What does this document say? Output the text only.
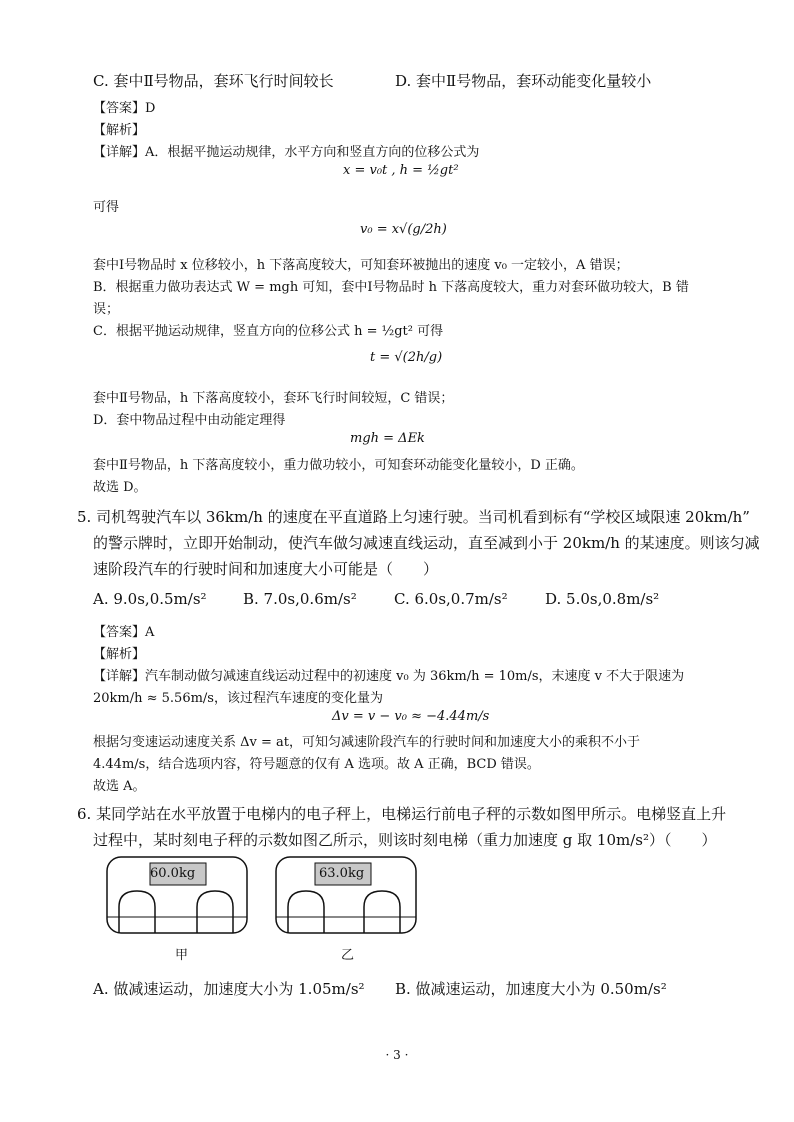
C. 套中Ⅱ号物品，套环飞行时间较长	D. 套中Ⅱ号物品，套环动能变化量较小
【答案】D
【解析】
【详解】A．根据平抛运动规律，水平方向和竖直方向的位移公式为
x = v₀t , h = ½gt²
可得
v₀ = x√(g/2h)
套中Ⅰ号物品时 x 位移较小，h 下落高度较大，可知套环被抛出的速度 v₀ 一定较小，A 错误；
B．根据重力做功表达式 W = mgh 可知，套中Ⅰ号物品时 h 下落高度较大，重力对套环做功较大，B 错
误；
C．根据平抛运动规律，竖直方向的位移公式 h = ½gt² 可得
t = √(2h/g)
套中Ⅱ号物品，h 下落高度较小，套环飞行时间较短，C 错误；
D．套中物品过程中由动能定理得
mgh = ΔEk
套中Ⅱ号物品，h 下落高度较小，重力做功较小，可知套环动能变化量较小，D 正确。
故选 D。
5. 司机驾驶汽车以 36km/h 的速度在平直道路上匀速行驶。当司机看到标有“学校区域限速 20km/h”
的警示牌时，立即开始制动，使汽车做匀减速直线运动，直至减到小于 20km/h 的某速度。则该匀减
速阶段汽车的行驶时间和加速度大小可能是（　　）
A. 9.0s,0.5m/s² B. 7.0s,0.6m/s² C. 6.0s,0.7m/s² D. 5.0s,0.8m/s²
【答案】A
【解析】
【详解】汽车制动做匀减速直线运动过程中的初速度 v₀ 为 36km/h = 10m/s，末速度 v 不大于限速为
20km/h ≈ 5.56m/s，该过程汽车速度的变化量为
Δv = v − v₀ ≈ −4.44m/s
根据匀变速运动速度关系 Δv = at，可知匀减速阶段汽车的行驶时间和加速度大小的乘积不小于
4.44m/s，结合选项内容，符号题意的仅有 A 选项。故 A 正确，BCD 错误。
故选 A。
6. 某同学站在水平放置于电梯内的电子秤上，电梯运行前电子秤的示数如图甲所示。电梯竖直上升
过程中，某时刻电子秤的示数如图乙所示，则该时刻电梯（重力加速度 g 取 10m/s²）（　　）
60.0kg
甲
63.0kg
乙
A. 做减速运动，加速度大小为 1.05m/s² B. 做减速运动，加速度大小为 0.50m/s²
· 3 ·
